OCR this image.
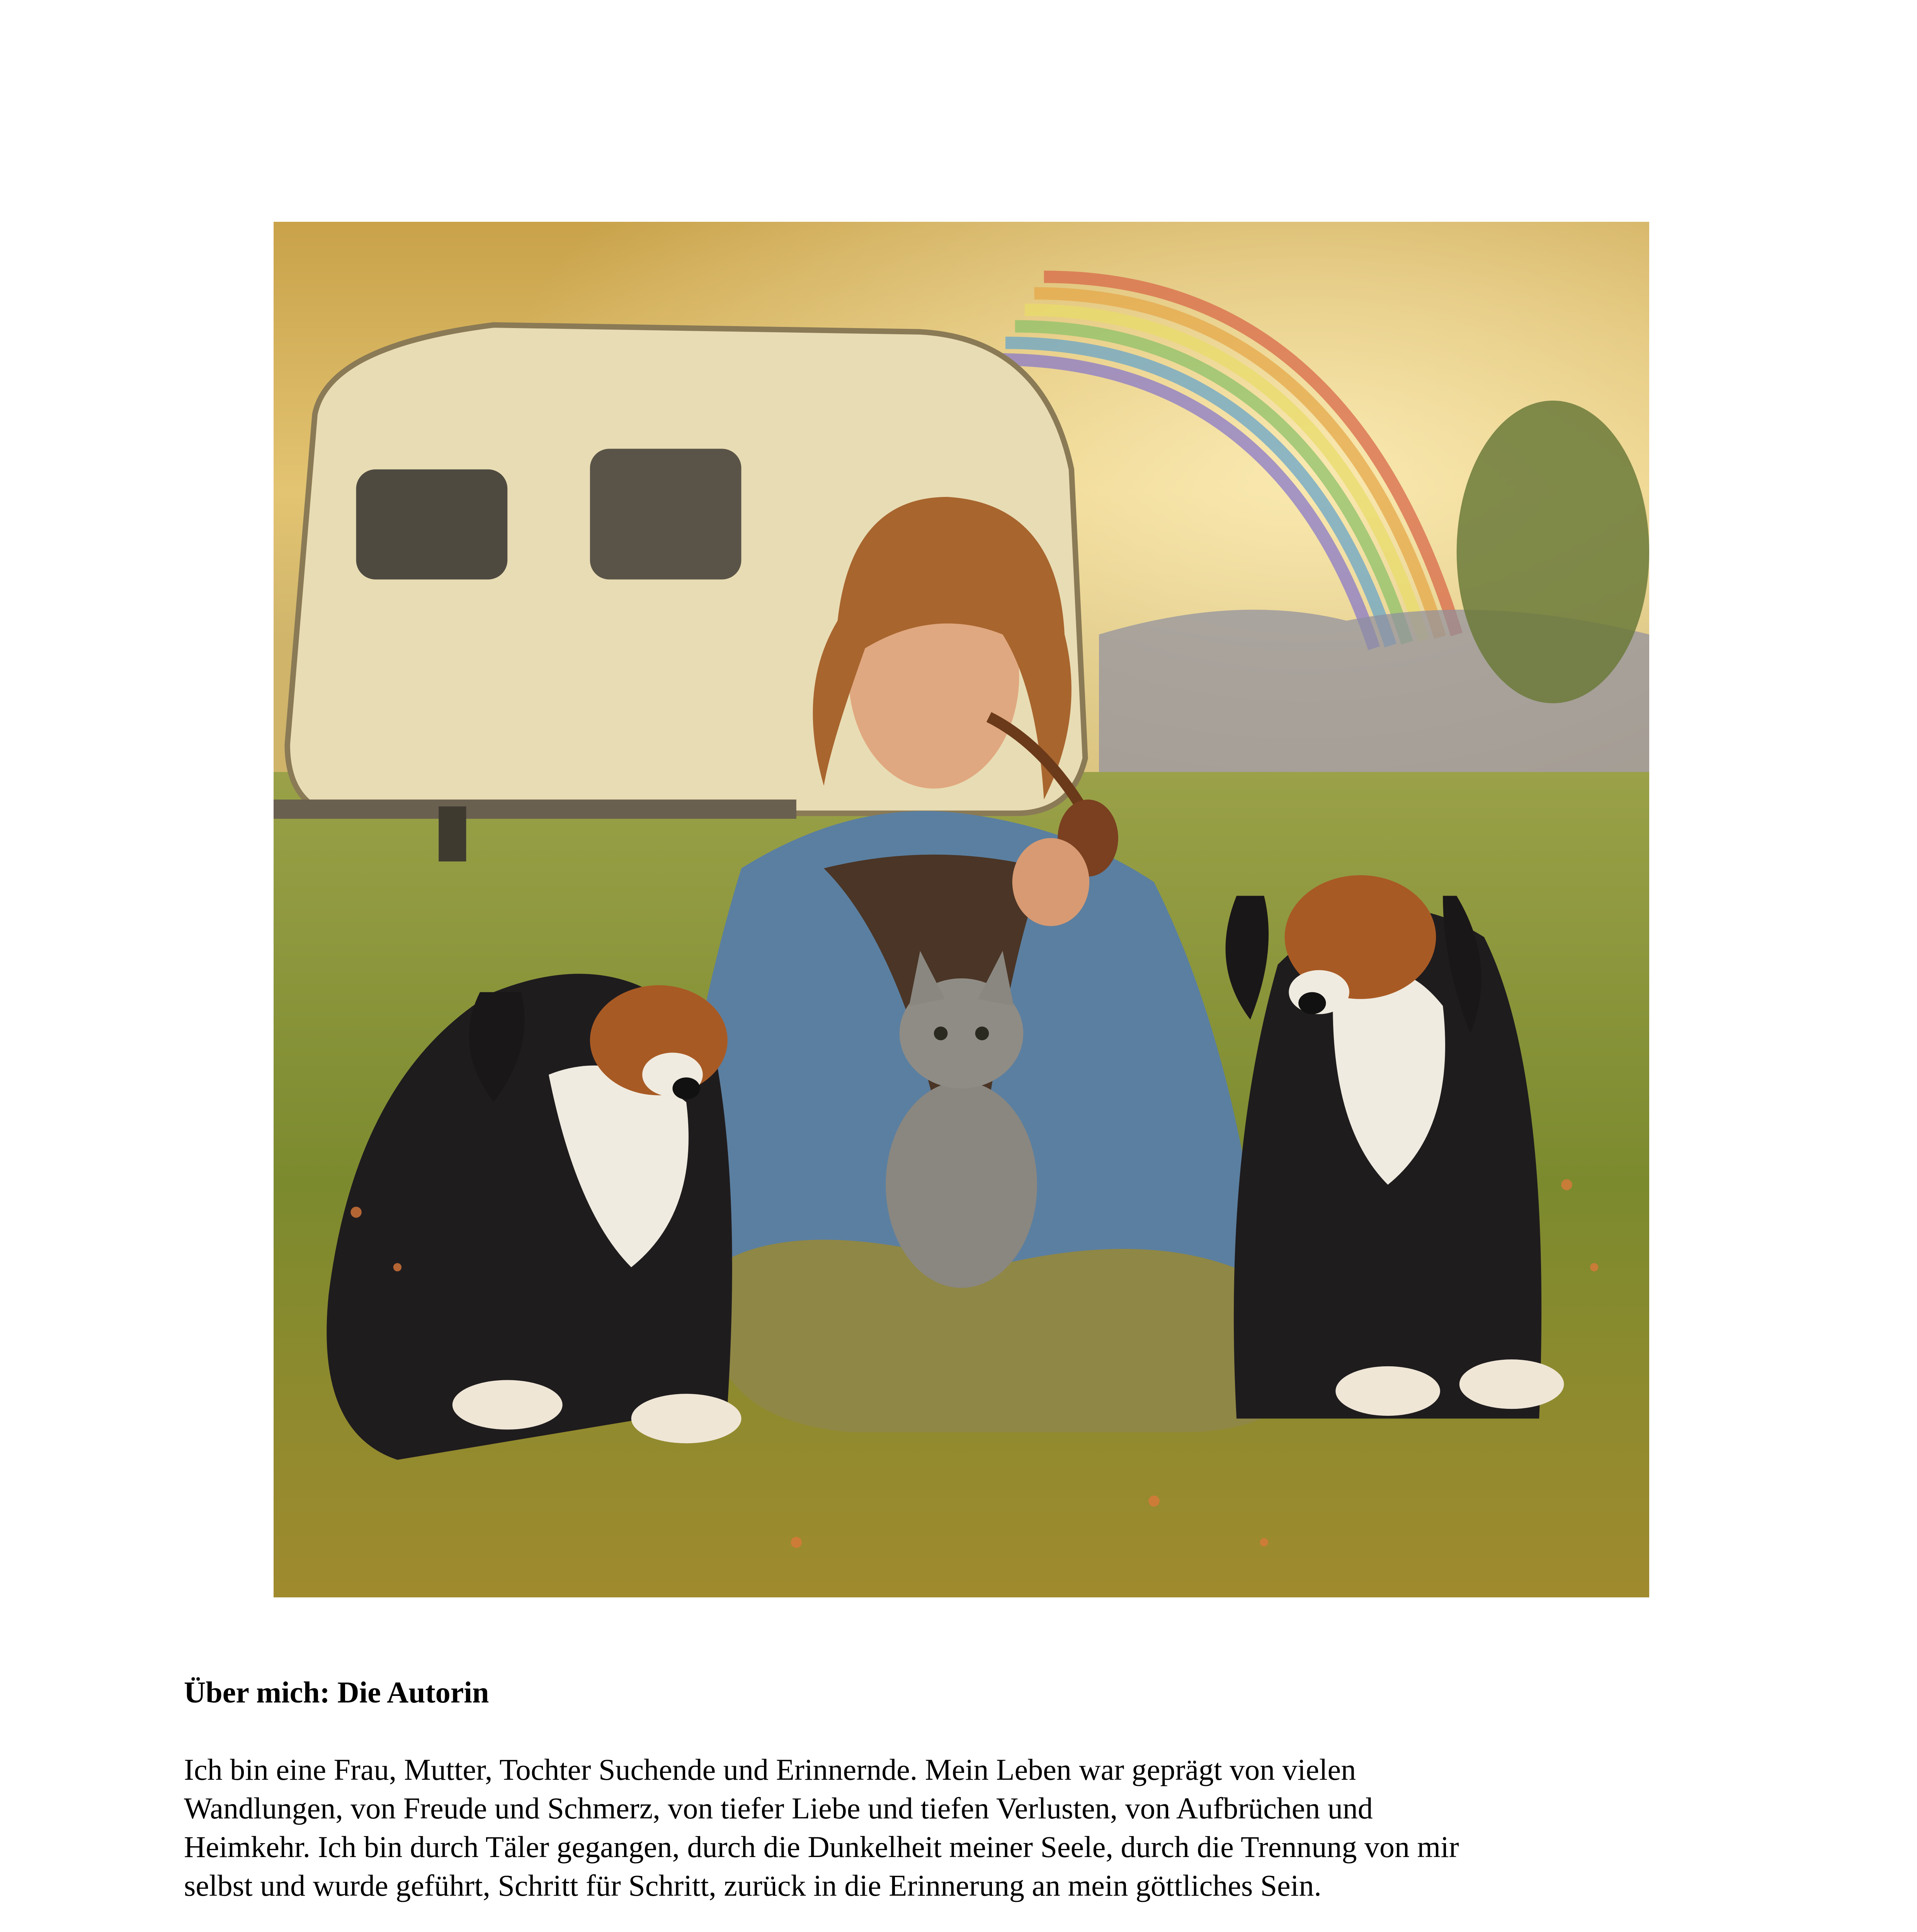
Über mich: Die Autorin
Ich bin eine Frau, Mutter, Tochter Suchende und Erinnernde. Mein Leben war geprägt von vielen
Wandlungen, von Freude und Schmerz, von tiefer Liebe und tiefen Verlusten, von Aufbrüchen und
Heimkehr. Ich bin durch Täler gegangen, durch die Dunkelheit meiner Seele, durch die Trennung von mir
selbst und wurde geführt, Schritt für Schritt, zurück in die Erinnerung an mein göttliches Sein.
